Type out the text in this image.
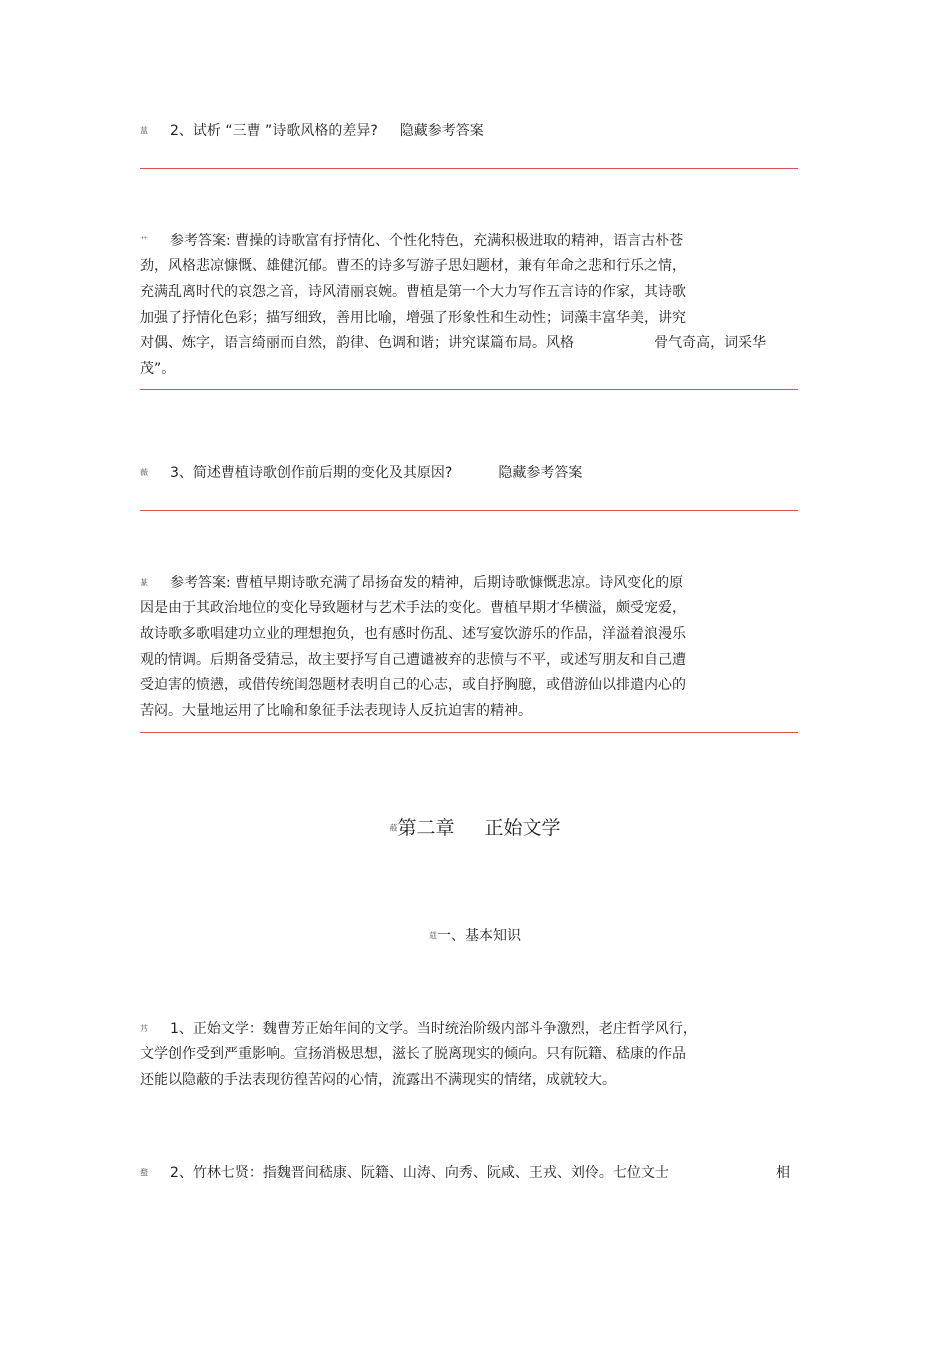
蒀 2、试析 “三曹 ”诗歌风格的差异? 隐藏参考答案

艹 参考答案: 曹操的诗歌富有抒情化、个性化特色，充满积极进取的精神，语言古朴苍

劲，风格悲凉慷慨、雄健沉郁。曹丕的诗多写游子思妇题材，兼有年命之悲和行乐之情，

充满乱离时代的哀怨之音，诗风清丽哀婉。曹植是第一个大力写作五言诗的作家，其诗歌

加强了抒情化色彩；描写细致，善用比喻，增强了形象性和生动性；词藻丰富华美，讲究

对偶、炼字，语言绮丽而自然，韵律、色调和谐；讲究谋篇布局。风格                  骨气奇高，词采华

茂”。

薇 3、简述曹植诗歌创作前后期的变化及其原因?	隐藏参考答案

蒃 参考答案: 曹植早期诗歌充满了昂扬奋发的精神，后期诗歌慷慨悲凉。诗风变化的原

因是由于其政治地位的变化导致题材与艺术手法的变化。曹植早期才华横溢，颇受宠爱，

故诗歌多歌唱建功立业的理想抱负，也有感时伤乱、述写宴饮游乐的作品，洋溢着浪漫乐

观的情调。后期备受猜忌，故主要抒写自己遭谴被弃的悲愤与不平，或述写朋友和自己遭

受迫害的愤懑，或借传统闺怨题材表明自己的心志，或自抒胸臆，或借游仙以排遣内心的

苦闷。大量地运用了比喻和象征手法表现诗人反抗迫害的精神。

蒰第二章 正始文学
莚一、基本知识

艿 1、正始文学：魏曹芳正始年间的文学。当时统治阶级内部斗争激烈，老庄哲学风行，

文学创作受到严重影响。宣扬消极思想，滋长了脱离现实的倾向。只有阮籍、嵇康的作品

还能以隐蔽的手法表现彷徨苦闷的心情，流露出不满现实的情绪，成就较大。

蝥 2、竹林七贤：指魏晋间嵇康、阮籍、山涛、向秀、阮咸、王戎、刘伶。七位文士	相
